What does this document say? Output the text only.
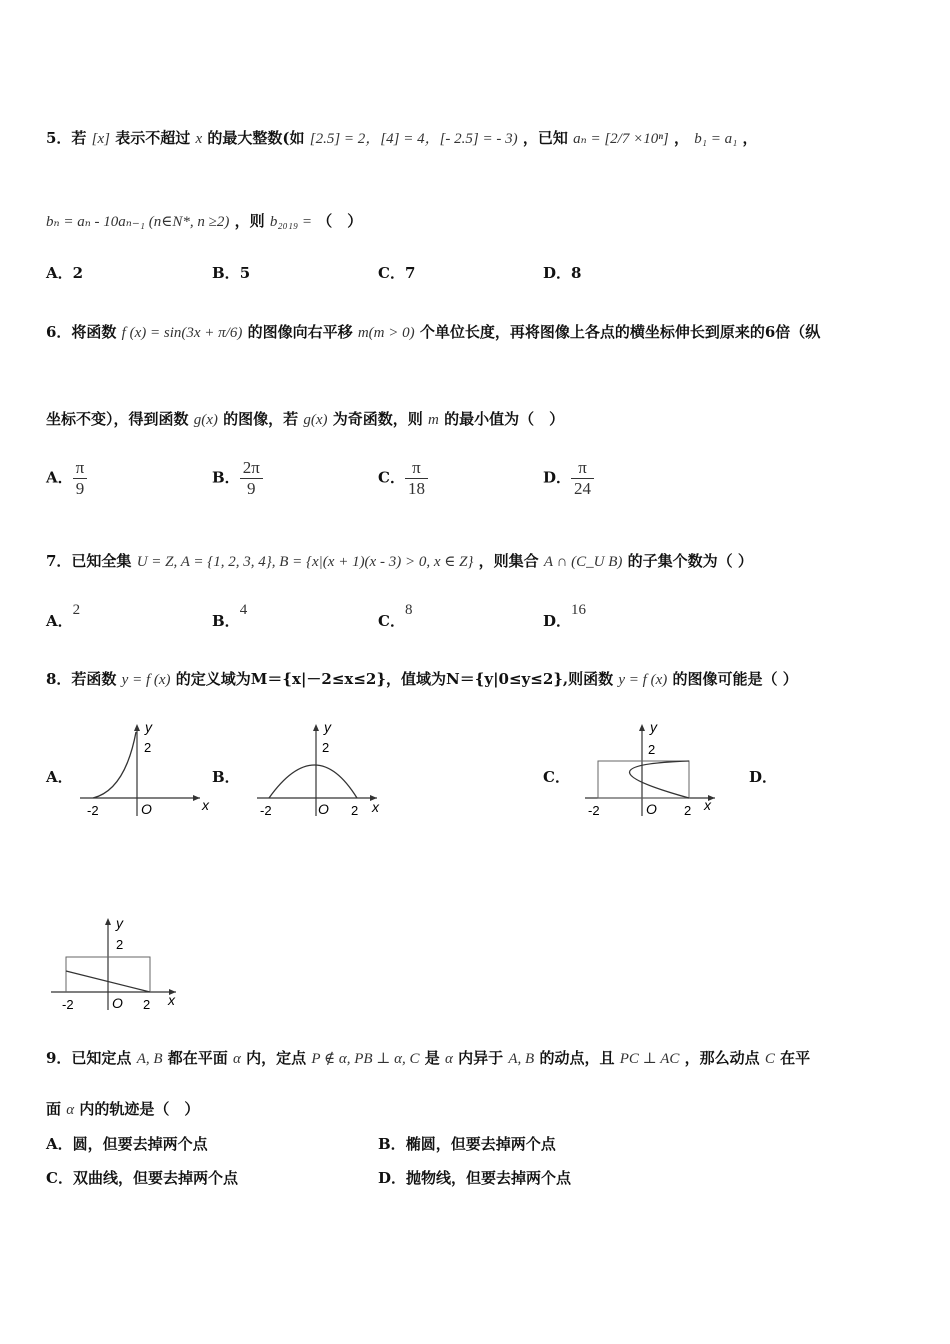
5．若 [x] 表示不超过 x 的最大整数(如 [2.5] = 2，[4] = 4，[- 2.5] = - 3) ，已知 aₙ = [2/7 ×10ⁿ] ， b₁ = a₁ ，
bₙ = aₙ - 10aₙ₋₁ (n∈N*, n ≥2) ，则 b₂₀₁₉ = （　）
A．2	B．5	C．7	D．8
6．将函数 f (x) = sin(3x + π/6) 的图像向右平移 m(m > 0) 个单位长度，再将图像上各点的横坐标伸长到原来的6倍（纵
坐标不变），得到函数 g(x) 的图像，若 g(x) 为奇函数，则 m 的最小值为（　）
A． $\frac{\pi}{9}$	B． $\frac{2\pi}{9}$	C． $\frac{\pi}{18}$	D． $\frac{\pi}{24}$
7．已知全集 U = Z, A = {1, 2, 3, 4}, B = {x|(x + 1)(x - 3) > 0, x ∈ Z} ，则集合 A ∩ (C_U B) 的子集个数为（ ）
A．2
B．4
C．8
D．16
8．若函数 y = f (x) 的定义域为M＝{x|－2≤x≤2}，值域为N＝{y|0≤y≤2},则函数 y = f (x) 的图像可能是（ ）
A．	B．	C．	D．
y
x
O
-2
2
y
x
O
-2	2
2
y
x
O
-2	2
2
y
x
O
-2	2
2
9．已知定点 A, B 都在平面 α 内，定点 P ∉ α, PB ⊥ α, C 是 α 内异于 A, B 的动点，且 PC ⊥ AC ，那么动点 C 在平
面 α 内的轨迹是（　）
A．圆，但要去掉两个点	B．椭圆，但要去掉两个点
C．双曲线，但要去掉两个点	D．抛物线，但要去掉两个点
